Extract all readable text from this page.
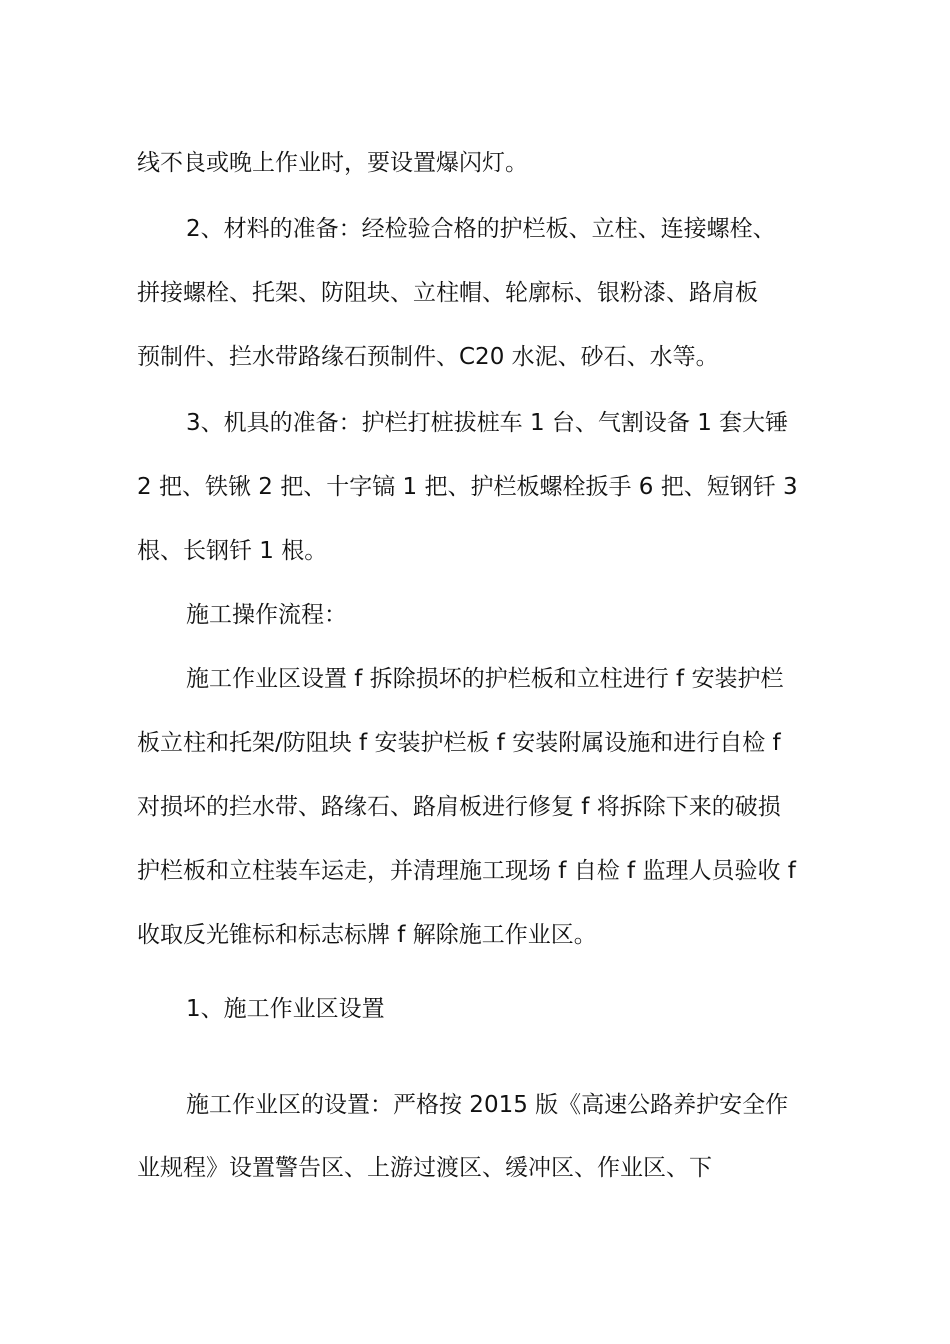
线不良或晚上作业时，要设置爆闪灯。
2、材料的准备：经检验合格的护栏板、立柱、连接螺栓、
拼接螺栓、托架、防阻块、立柱帽、轮廓标、银粉漆、路肩板
预制件、拦水带路缘石预制件、C20 水泥、砂石、水等。
3、机具的准备：护栏打桩拔桩车 1 台、气割设备 1 套大锤
2 把、铁锹 2 把、十字镐 1 把、护栏板螺栓扳手 6 把、短钢钎 3
根、长钢钎 1 根。
施工操作流程：
施工作业区设置 f 拆除损坏的护栏板和立柱进行 f 安装护栏
板立柱和托架/防阻块 f 安装护栏板 f 安装附属设施和进行自检 f
对损坏的拦水带、路缘石、路肩板进行修复 f 将拆除下来的破损
护栏板和立柱装车运走，并清理施工现场 f 自检 f 监理人员验收 f
收取反光锥标和标志标牌 f 解除施工作业区。
1、施工作业区设置
施工作业区的设置：严格按 2015 版《高速公路养护安全作
业规程》设置警告区、上游过渡区、缓冲区、作业区、下
